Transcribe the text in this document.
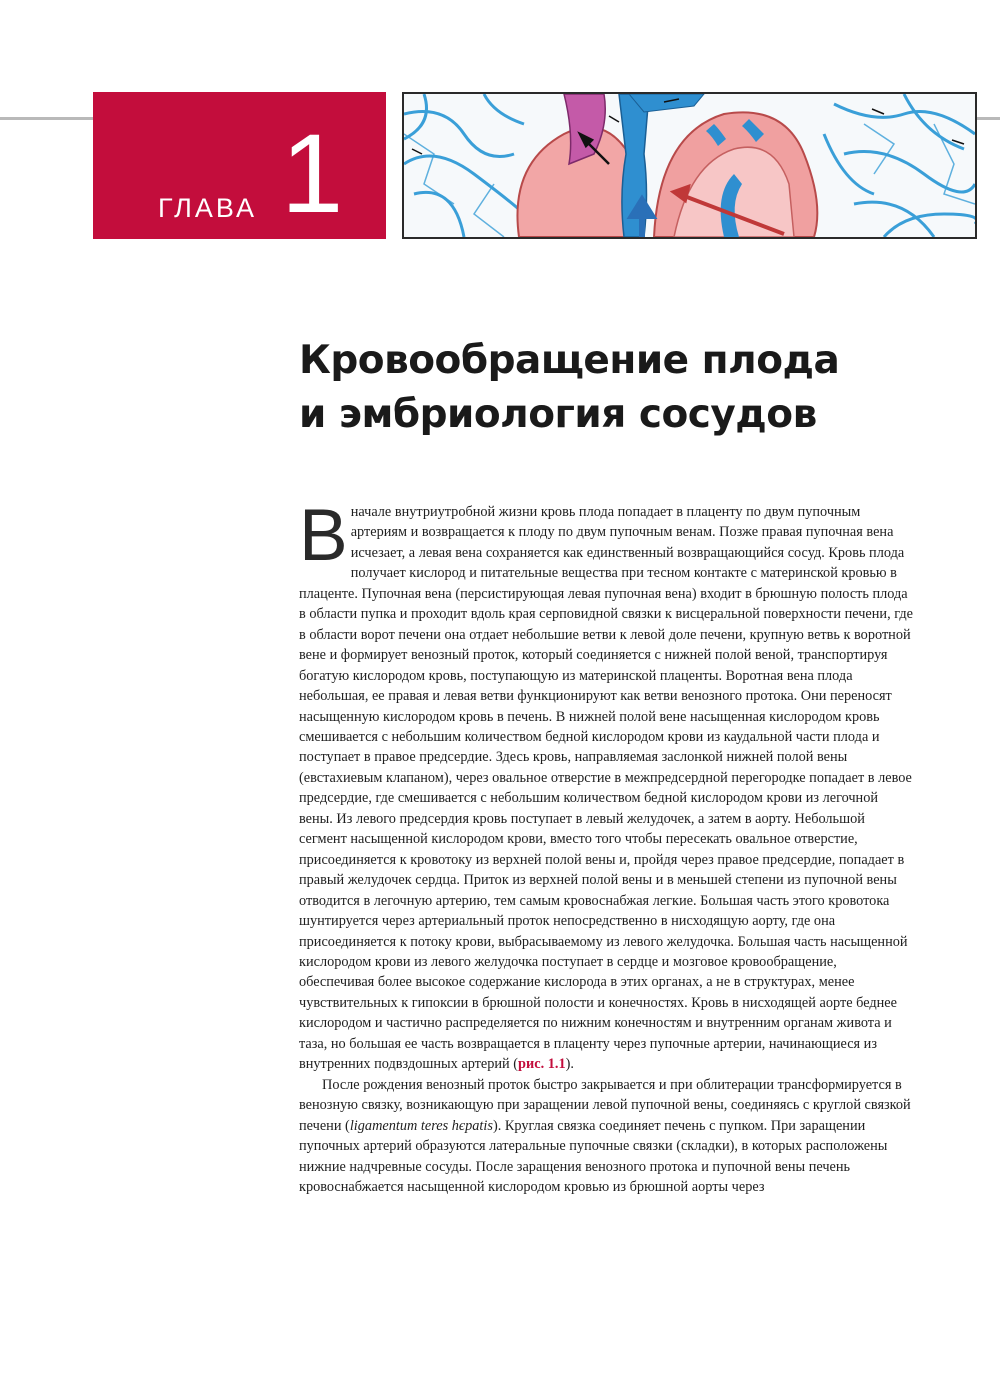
ГЛАВА 1
Кровообращение плода
и эмбриология сосудов

Вначале внутриутробной жизни кровь плода попадает в плаценту по двум пупочным артериям и возвращается к плоду по двум пупочным венам. Позже правая пупочная вена исчезает, а левая вена сохраняется как единственный возвращающийся сосуд. Кровь плода получает кислород и питательные вещества при тесном контакте с материнской кровью в плаценте. Пупочная вена (персистирующая левая пупочная вена) входит в брюшную полость плода в области пупка и проходит вдоль края серповидной связки к висцеральной поверхности печени, где в области ворот печени она отдает небольшие ветви к левой доле печени, крупную ветвь к воротной вене и формирует венозный проток, который соединяется с нижней полой веной, транспортируя богатую кислородом кровь, поступающую из материнской плаценты. Воротная вена плода небольшая, ее правая и левая ветви функционируют как ветви венозного протока. Они переносят насыщенную кислородом кровь в печень. В нижней полой вене насыщенная кислородом кровь смешивается с небольшим количеством бедной кислородом крови из каудальной части плода и поступает в правое предсердие. Здесь кровь, направляемая заслонкой нижней полой вены (евстахиевым клапаном), через овальное отверстие в межпредсердной перегородке попадает в левое предсердие, где смешивается с небольшим количеством бедной кислородом крови из легочной вены. Из левого предсердия кровь поступает в левый желудочек, а затем в аорту. Небольшой сегмент насыщенной кислородом крови, вместо того чтобы пересекать овальное отверстие, присоединяется к кровотоку из верхней полой вены и, пройдя через правое предсердие, попадает в правый желудочек сердца. Приток из верхней полой вены и в меньшей степени из пупочной вены отводится в легочную артерию, тем самым кровоснабжая легкие. Большая часть этого кровотока шунтируется через артериальный проток непосредственно в нисходящую аорту, где она присоединяется к потоку крови, выбрасываемому из левого желудочка. Большая часть насыщенной кислородом крови из левого желудочка поступает в сердце и мозговое кровообращение, обеспечивая более высокое содержание кислорода в этих органах, а не в структурах, менее чувствительных к гипоксии в брюшной полости и конечностях. Кровь в нисходящей аорте беднее кислородом и частично распределяется по нижним конечностям и внутренним органам живота и таза, но большая ее часть возвращается в плаценту через пупочные артерии, начинающиеся из внутренних подвздошных артерий (рис. 1.1).

После рождения венозный проток быстро закрывается и при облитерации трансформируется в венозную связку, возникающую при заращении левой пупочной вены, соединяясь с круглой связкой печени (ligamentum teres hєpatis). Круглая связка соединяет печень с пупком. При заращении пупочных артерий образуются латеральные пупочные связки (складки), в которых расположены нижние надчревные сосуды. После заращения венозного протока и пупочной вены печень кровоснабжается насыщенной кислородом кровью из брюшной аорты через
